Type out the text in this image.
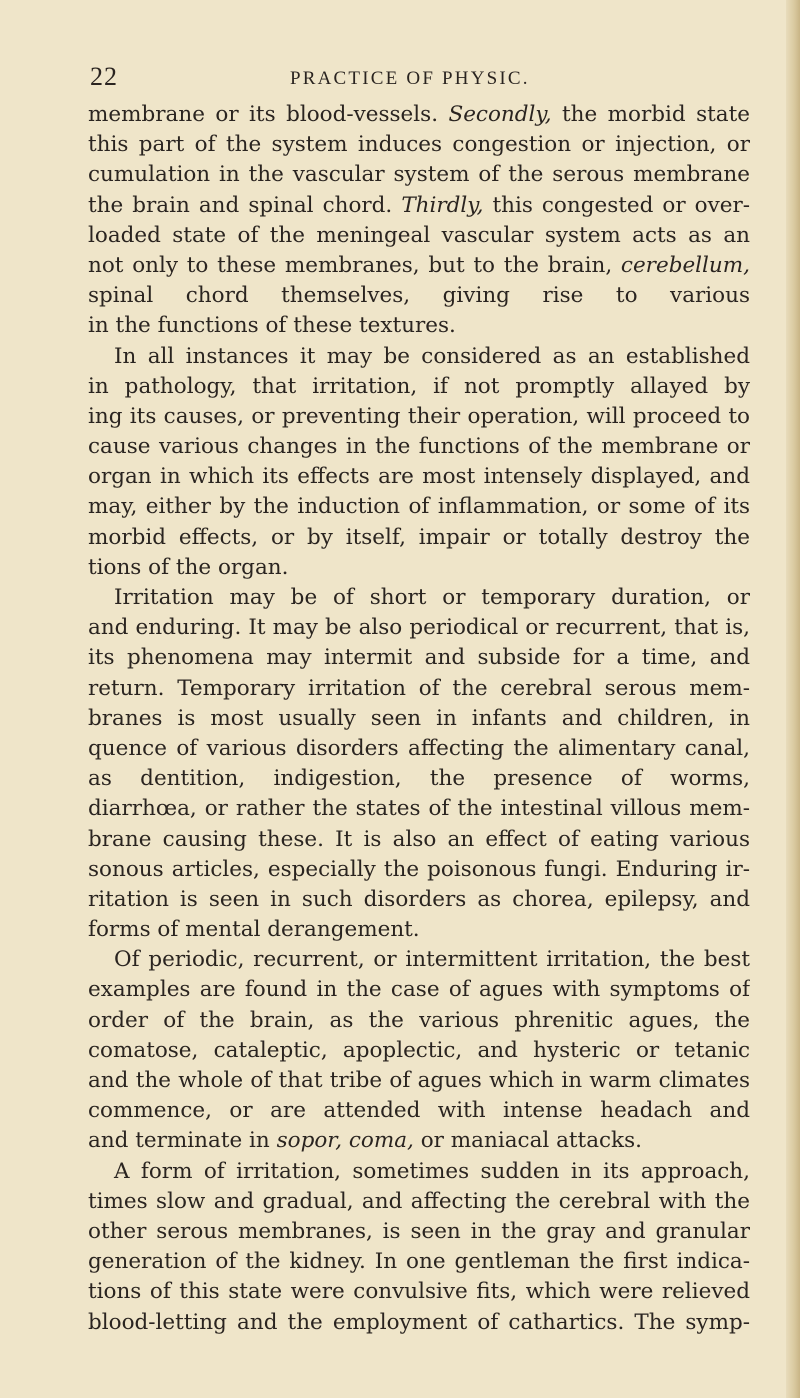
22	PRACTICE OF PHYSIC.
membrane or its blood-vessels. Secondly, the morbid state
this part of the system induces congestion or injection, or
cumulation in the vascular system of the serous membrane
the brain and spinal chord. Thirdly, this congested or over-
loaded state of the meningeal vascular system acts as an
not only to these membranes, but to the brain, cerebellum,
spinal chord themselves, giving rise to various
in the functions of these textures.
In all instances it may be considered as an established
in pathology, that irritation, if not promptly allayed by
ing its causes, or preventing their operation, will proceed to
cause various changes in the functions of the membrane or
organ in which its effects are most intensely displayed, and
may, either by the induction of inflammation, or some of its
morbid effects, or by itself, impair or totally destroy the
tions of the organ.
Irritation may be of short or temporary duration, or
and enduring. It may be also periodical or recurrent, that is,
its phenomena may intermit and subside for a time, and
return. Temporary irritation of the cerebral serous mem-
branes is most usually seen in infants and children, in
quence of various disorders affecting the alimentary canal,
as dentition, indigestion, the presence of worms,
diarrhœa, or rather the states of the intestinal villous mem-
brane causing these. It is also an effect of eating various
sonous articles, especially the poisonous fungi. Enduring ir-
ritation is seen in such disorders as chorea, epilepsy, and
forms of mental derangement.
Of periodic, recurrent, or intermittent irritation, the best
examples are found in the case of agues with symptoms of
order of the brain, as the various phrenitic agues, the
comatose, cataleptic, apoplectic, and hysteric or tetanic
and the whole of that tribe of agues which in warm climates
commence, or are attended with intense headach and
and terminate in sopor, coma, or maniacal attacks.
A form of irritation, sometimes sudden in its approach,
times slow and gradual, and affecting the cerebral with the
other serous membranes, is seen in the gray and granular
generation of the kidney. In one gentleman the first indica-
tions of this state were convulsive fits, which were relieved
blood-letting and the employment of cathartics. The symp-
